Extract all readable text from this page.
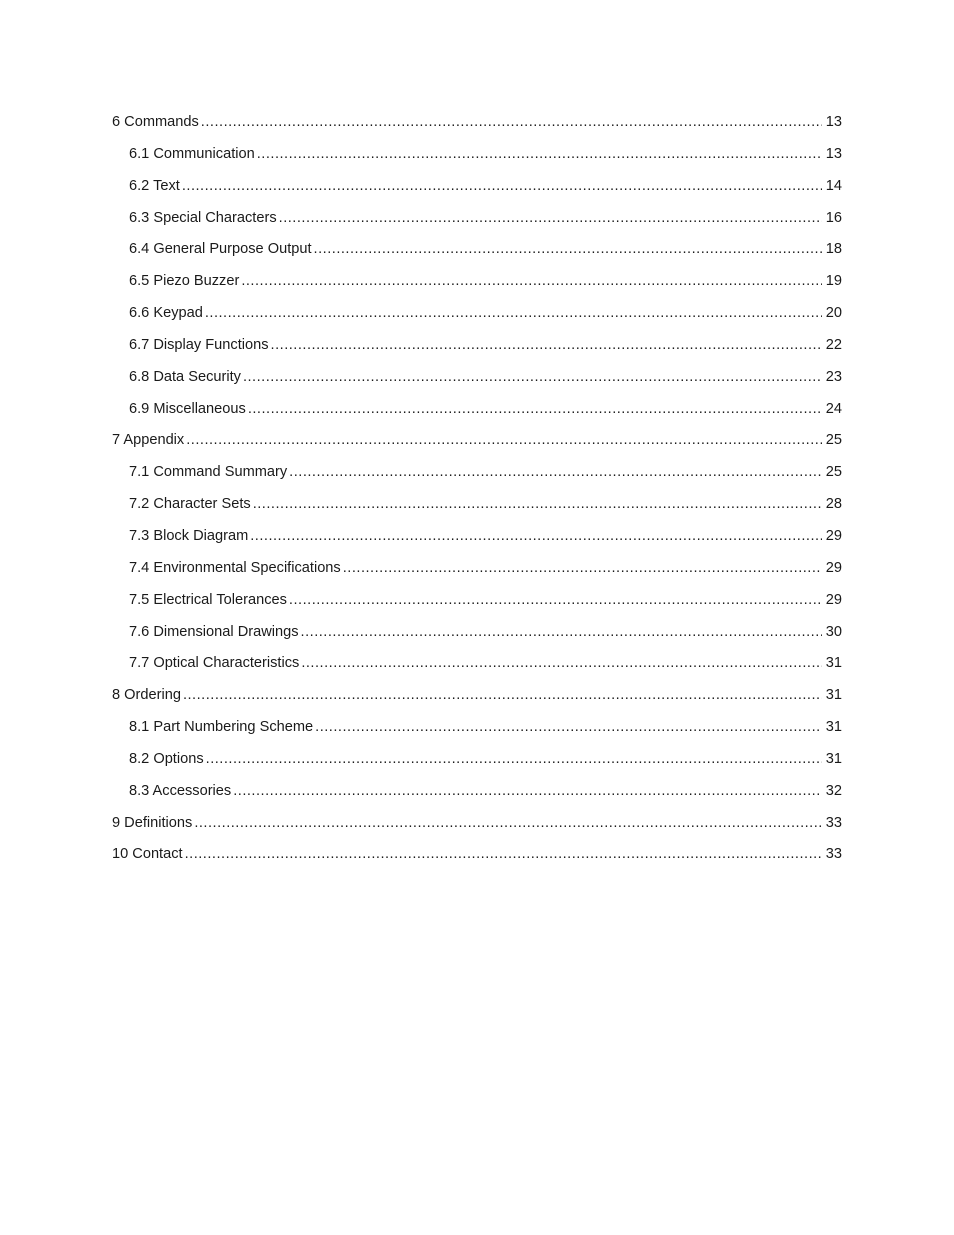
6 Commands .....	13
6.1 Communication .....	13
6.2 Text .....	14
6.3 Special Characters .....	16
6.4 General Purpose Output .....	18
6.5 Piezo Buzzer .....	19
6.6 Keypad .....	20
6.7 Display Functions .....	22
6.8 Data Security .....	23
6.9 Miscellaneous .....	24
7 Appendix .....	25
7.1 Command Summary .....	25
7.2 Character Sets .....	28
7.3 Block Diagram .....	29
7.4 Environmental Specifications .....	29
7.5 Electrical Tolerances .....	29
7.6 Dimensional Drawings .....	30
7.7 Optical Characteristics .....	31
8 Ordering .....	31
8.1 Part Numbering Scheme .....	31
8.2 Options .....	31
8.3 Accessories .....	32
9 Definitions .....	33
10 Contact .....	33
